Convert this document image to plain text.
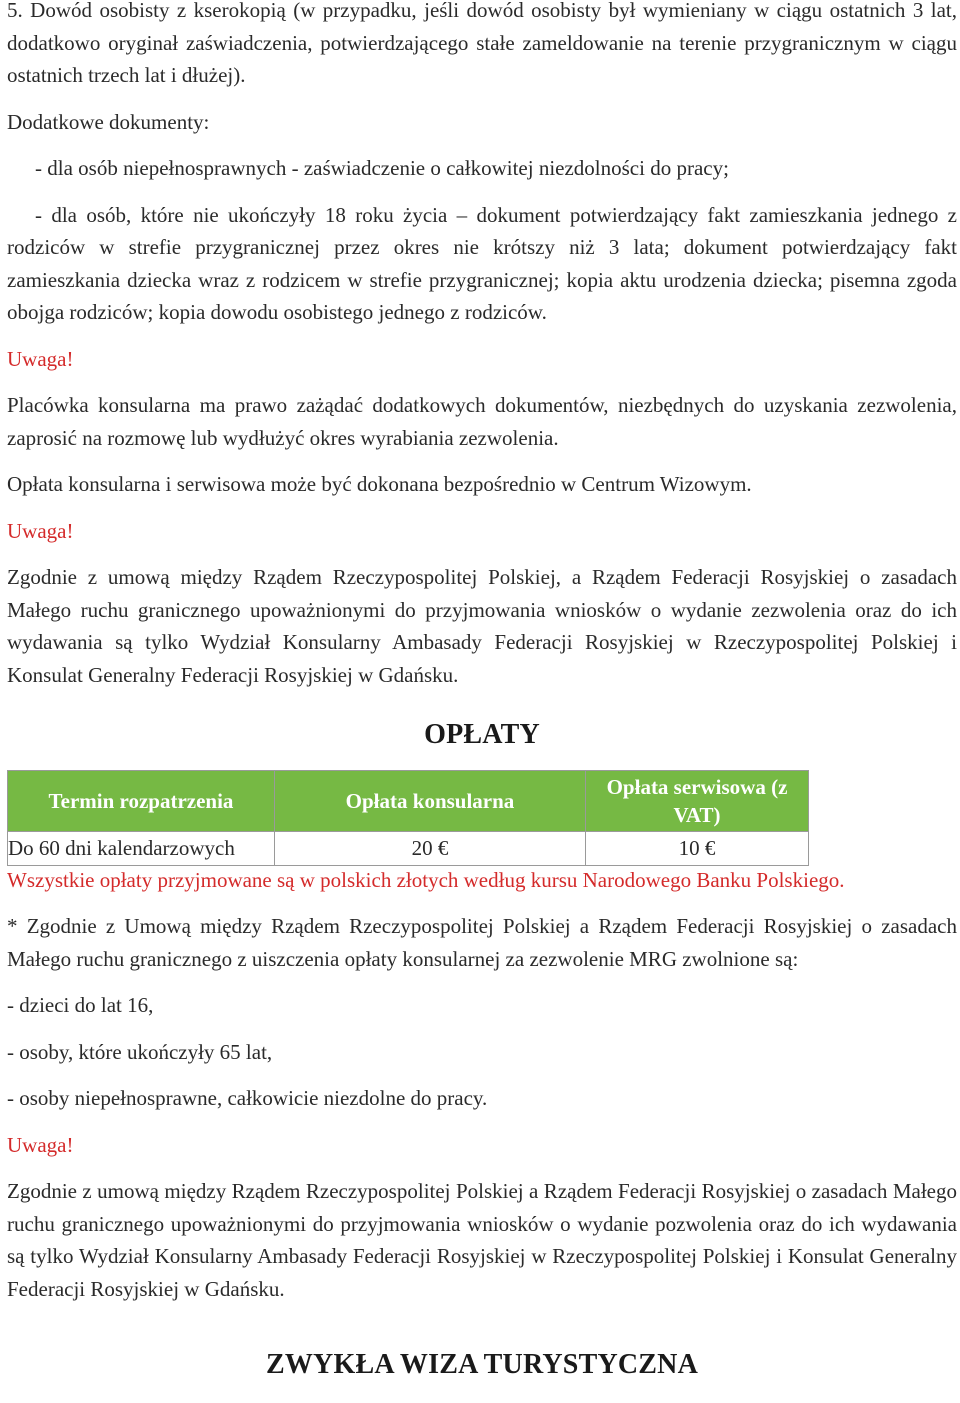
5. Dowód osobisty z kserokopią (w przypadku, jeśli dowód osobisty był wymieniany w ciągu ostatnich 3 lat, dodatkowo oryginał zaświadczenia, potwierdzającego stałe zameldowanie na terenie przygranicznym w ciągu ostatnich trzech lat i dłużej).

Dodatkowe dokumenty:

- dla osób niepełnosprawnych - zaświadczenie o całkowitej niezdolności do pracy;

- dla osób, które nie ukończyły 18 roku życia – dokument potwierdzający fakt zamieszkania jednego z rodziców w strefie przygranicznej przez okres nie krótszy niż 3 lata; dokument potwierdzający fakt zamieszkania dziecka wraz z rodzicem w strefie przygranicznej; kopia aktu urodzenia dziecka; pisemna zgoda obojga rodziców; kopia dowodu osobistego jednego z rodziców.

Uwaga!

Placówka konsularna ma prawo zażądać dodatkowych dokumentów, niezbędnych do uzyskania zezwolenia, zaprosić na rozmowę lub wydłużyć okres wyrabiania zezwolenia.

Opłata konsularna i serwisowa może być dokonana bezpośrednio w Centrum Wizowym.

Uwaga!

Zgodnie z umową między Rządem Rzeczypospolitej Polskiej, a Rządem Federacji Rosyjskiej o zasadach Małego ruchu granicznego upoważnionymi do przyjmowania wniosków o wydanie zezwolenia oraz do ich wydawania są tylko Wydział Konsularny Ambasady Federacji Rosyjskiej w Rzeczypospolitej Polskiej i Konsulat Generalny Federacji Rosyjskiej w Gdańsku.

OPŁATY
Termin rozpatrzenia	Opłata konsularna	Opłata serwisowa (z VAT)
Do 60 dni kalendarzowych	20 €	10 €

Wszystkie opłaty przyjmowane są w polskich złotych według kursu Narodowego Banku Polskiego.

* Zgodnie z Umową między Rządem Rzeczypospolitej Polskiej a Rządem Federacji Rosyjskiej o zasadach Małego ruchu granicznego z uiszczenia opłaty konsularnej za zezwolenie MRG zwolnione są:

- dzieci do lat 16,

- osoby, które ukończyły 65 lat,

- osoby niepełnosprawne, całkowicie niezdolne do pracy.

Uwaga!

Zgodnie z umową między Rządem Rzeczypospolitej Polskiej a Rządem Federacji Rosyjskiej o zasadach Małego ruchu granicznego upoważnionymi do przyjmowania wniosków o wydanie pozwolenia oraz do ich wydawania są tylko Wydział Konsularny Ambasady Federacji Rosyjskiej w Rzeczypospolitej Polskiej i Konsulat Generalny Federacji Rosyjskiej w Gdańsku.

ZWYKŁA WIZA TURYSTYCZNA
